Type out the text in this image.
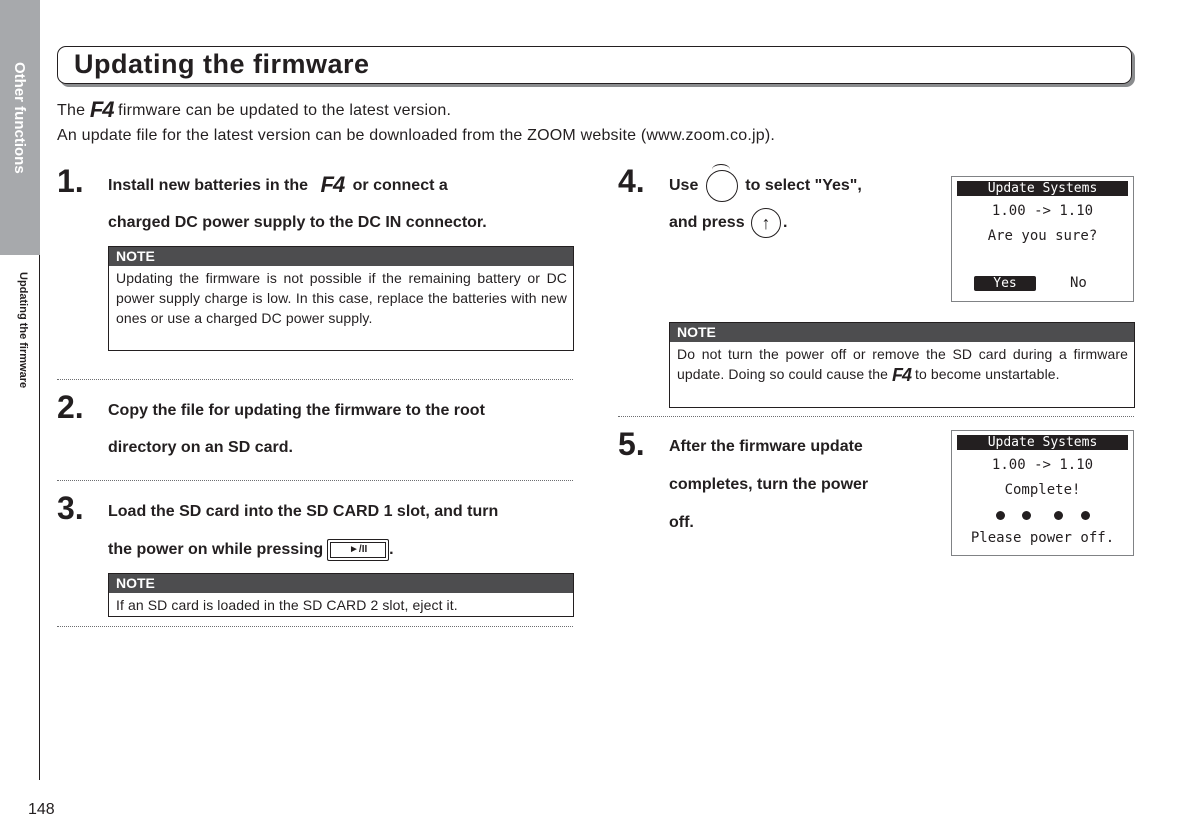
Other functions
Updating the firmware
Updating the firmware
The F4 firmware can be updated to the latest version.
An update file for the latest version can be downloaded from the ZOOM website (www.zoom.co.jp).
1. Install new batteries in the F4 or connect a
charged DC power supply to the DC IN connector.
NOTE
Updating the firmware is not possible if the remaining battery or DC power supply charge is low. In this case, replace the batteries with new ones or use a charged DC power supply.
2. Copy the file for updating the firmware to the root
directory on an SD card.
3. Load the SD card into the SD CARD 1 slot, and turn
the power on while pressing	►/II .
NOTE
If an SD card is loaded in the SD CARD 2 slot, eject it.
4. Use	to select "Yes",
and press ↑ .
Update Systems
1.00 -> 1.10
Are you sure?
Yes	No
NOTE
Do not turn the power off or remove the SD card during a firmware update. Doing so could cause the F4 to become unstartable.
5. After the firmware update
completes, turn the power
off.
Update Systems
1.00 -> 1.10
Complete!
Please power off.
148
